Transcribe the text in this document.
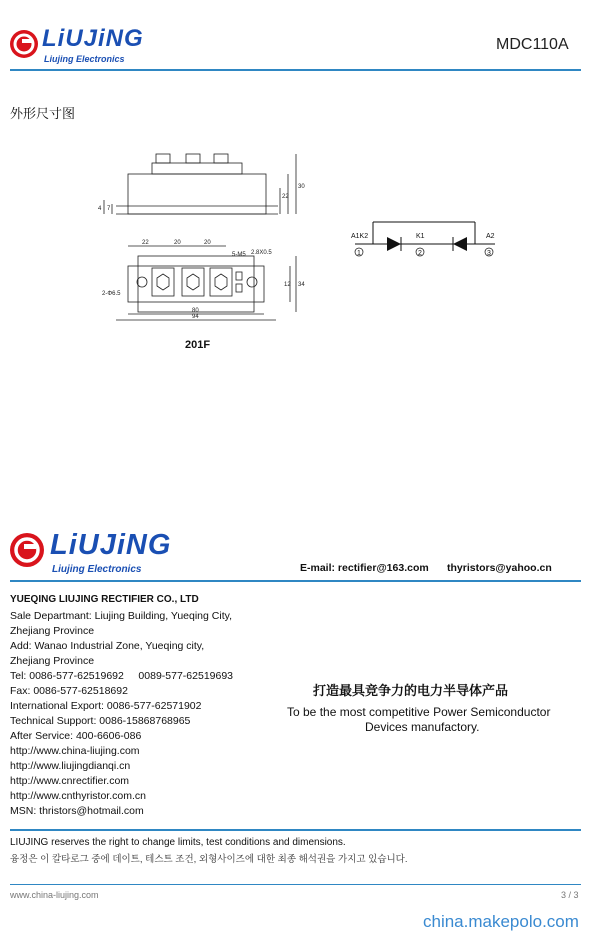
LiUJiNG
Liujing Electronics
MDC110A
外形尺寸图
4 7
22
30
22	20	20
5-M5 2.8X0.5
2-Φ6.5
80
94
34
12
201F
A1K2	K1	A2
1	2	3
LiUJiNG
Liujing Electronics	E-mail: rectifier@163.com thyristors@yahoo.cn
YUEQING LIUJING RECTIFIER CO., LTD
Sale Departmant: Liujing Building, Yueqing City,
Zhejiang Province
Add: Wanao Industrial Zone, Yueqing city,
Zhejiang Province
Tel: 0086-577-62519692     0089-577-62519693
Fax: 0086-577-62518692
International Export: 0086-577-62571902
Technical Support: 0086-15868768965
After Service: 400-6606-086
http://www.china-liujing.com
http://www.liujingdianqi.cn
http://www.cnrectifier.com
http://www.cnthyristor.com.cn
MSN: thristors@hotmail.com
打造最具竞争力的电力半导体产品
To be the most competitive Power Semiconductor
Devices manufactory.
LIUJING reserves the right to change limits, test conditions and dimensions.
융정은 이 칼타로그 중에 데이트, 테스트 조건, 외형사이즈에 대한 최종 해석권을 가지고 있습니다.
www.china-liujing.com	3 / 3
china.makepolo.com
